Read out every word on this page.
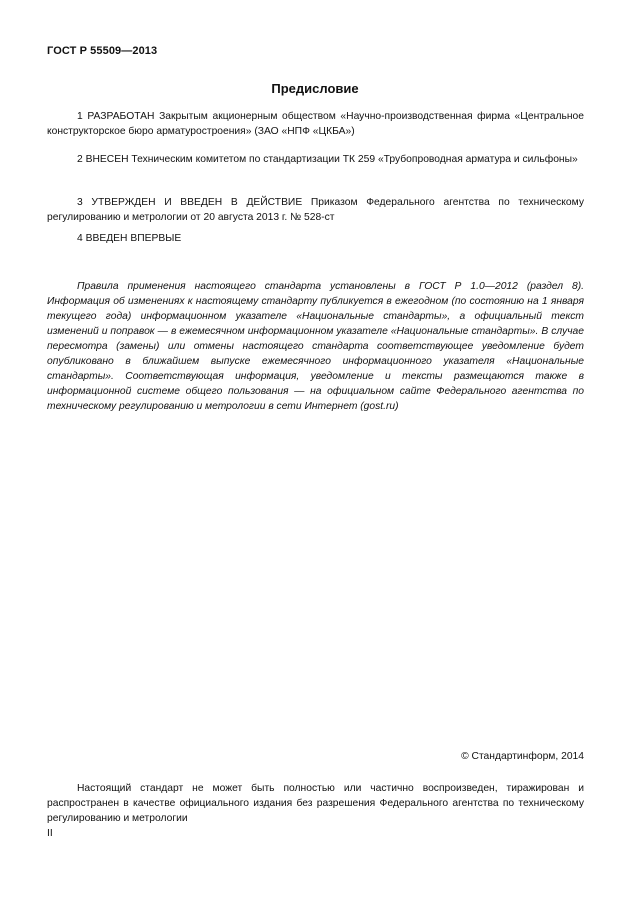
ГОСТ Р 55509—2013
Предисловие

1 РАЗРАБОТАН Закрытым акционерным обществом «Научно-производственная фирма «Центральное конструкторское бюро арматуростроения» (ЗАО «НПФ «ЦКБА»)

2 ВНЕСЕН Техническим комитетом по стандартизации ТК 259 «Трубопроводная арматура и сильфоны»

3 УТВЕРЖДЕН И ВВЕДЕН В ДЕЙСТВИЕ Приказом Федерального агентства по техническому регулированию и метрологии от 20 августа 2013 г. № 528-ст

4 ВВЕДЕН ВПЕРВЫЕ

Правила применения настоящего стандарта установлены в ГОСТ Р 1.0—2012 (раздел 8). Информация об изменениях к настоящему стандарту публикуется в ежегодном (по состоянию на 1 января текущего года) информационном указателе «Национальные стандарты», а официальный текст изменений и поправок — в ежемесячном информационном указателе «Национальные стандарты». В случае пересмотра (замены) или отмены настоящего стандарта соответствующее уведомление будет опубликовано в ближайшем выпуске ежемесячного информационного указателя «Национальные стандарты». Соответствующая информация, уведомление и тексты размещаются также в информационной системе общего пользования — на официальном сайте Федерального агентства по техническому регулированию и метрологии в сети Интернет (gost.ru)

© Стандартинформ, 2014

Настоящий стандарт не может быть полностью или частично воспроизведен, тиражирован и распространен в качестве официального издания без разрешения Федерального агентства по техническому регулированию и метрологии

II
